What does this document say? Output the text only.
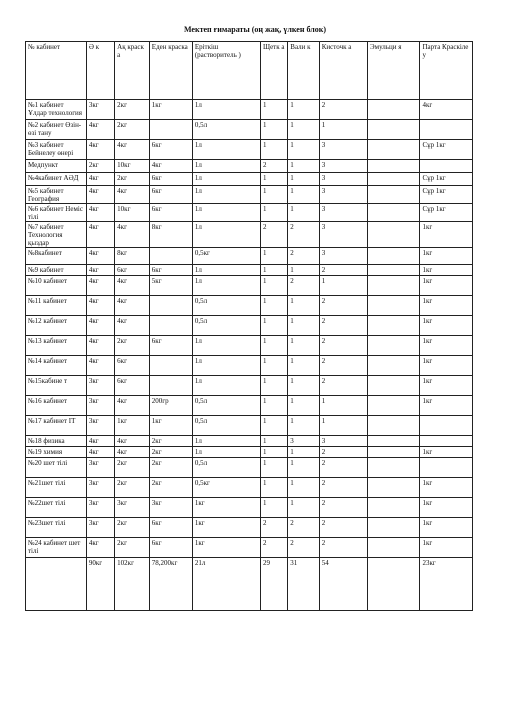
Мектеп ғимараты (оң жақ, үлкен блок)
№ кабинет	Ә к	Ақ краск а	Еден краска	Еріткіш (растворитель )	Щетк а	Вали к	Кисточк а	Эмульци я	Парта Краскіле у
№1 кабинет Ұлдар технология	3кг	2кг	1кг	1л	1	1	2		4кг
№2 кабинет Өзін-өзі тану	4кг	2кг		0,5л	1	1	1		
№3 кабинет Бейнелеу өнері	4кг	4кг	6кг	1л	1	1	3		Сұр 1кг
Медпункт	2кг	10кг	4кг	1л	2	1	3		
№4кабинет АӘД	4кг	2кг	6кг	1л	1	1	3		Сұр 1кг
№5 кабинет География	4кг	4кг	6кг	1л	1	1	3		Сұр 1кг
№6 кабинет Неміс тілі	4кг	10кг	6кг	1л	1	1	3		Сұр 1кг
№7 кабинет Технология қыздар	4кг	4кг	8кг	1л	2	2	3		1кг
№8кабинет	4кг	8кг		0,5кг	1	2	3		1кг
№9 кабинет	4кг	6кг	6кг	1л	1	1	2		1кг
№10 кабинет	4кг	4кг	5кг	1л	1	2	1		1кг
№11 кабинет	4кг	4кг		0,5л	1	1	2		1кг
№12 кабинет	4кг	4кг		0,5л	1	1	2		1кг
№13 кабинет	4кг	2кг	6кг	1л	1	1	2		1кг
№14 кабинет	4кг	6кг		1л	1	1	2		1кг
№15кабине т	3кг	6кг		1л	1	1	2		1кг
№16 кабинет	3кг	4кг	200гр	0,5л	1	1	1		1кг
№17 кабинет IT	3кг	1кг	1кг	0,5л	1	1	1		
№18 физика	4кг	4кг	2кг	1л	1	3	3		
№19 химия	4кг	4кг	2кг	1л	1	1	2		1кг
№20 шет тілі	3кг	2кг	2кг	0,5л	1	1	2		
№21шет тілі	3кг	2кг	2кг	0,5кг	1	1	2		1кг
№22шет тілі	3кг	3кг	3кг	1кг	1	1	2		1кг
№23шет тілі	3кг	2кг	6кг	1кг	2	2	2		1кг
№24 кабинет шет тілі	4кг	2кг	6кг	1кг	2	2	2		1кг
	90кг	102кг	78,200кг	21л	29	31	54		23кг
